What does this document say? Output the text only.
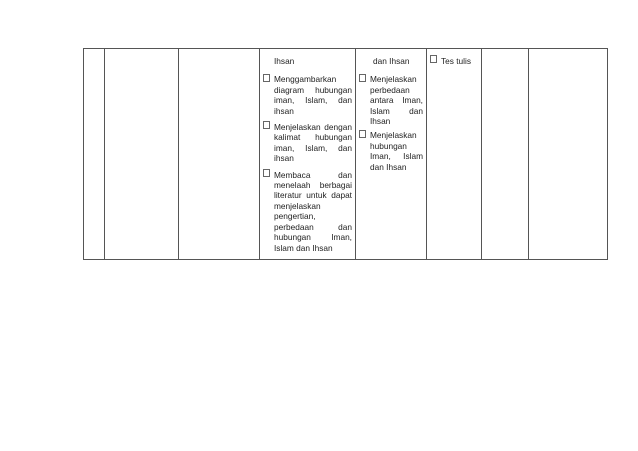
Ihsan
Menggambarkan diagram hubungan iman, Islam, dan ihsan
Menjelaskan dengan kalimat hubungan iman, Islam, dan ihsan
Membaca dan menelaah berbagai literatur untuk dapat menjelaskan pengertian, perbedaan dan hubungan Iman, Islam dan Ihsan

dan Ihsan
Menjelaskan perbedaan antara Iman, Islam dan Ihsan
Menjelaskan hubungan Iman, Islam dan Ihsan

Tes tulis
